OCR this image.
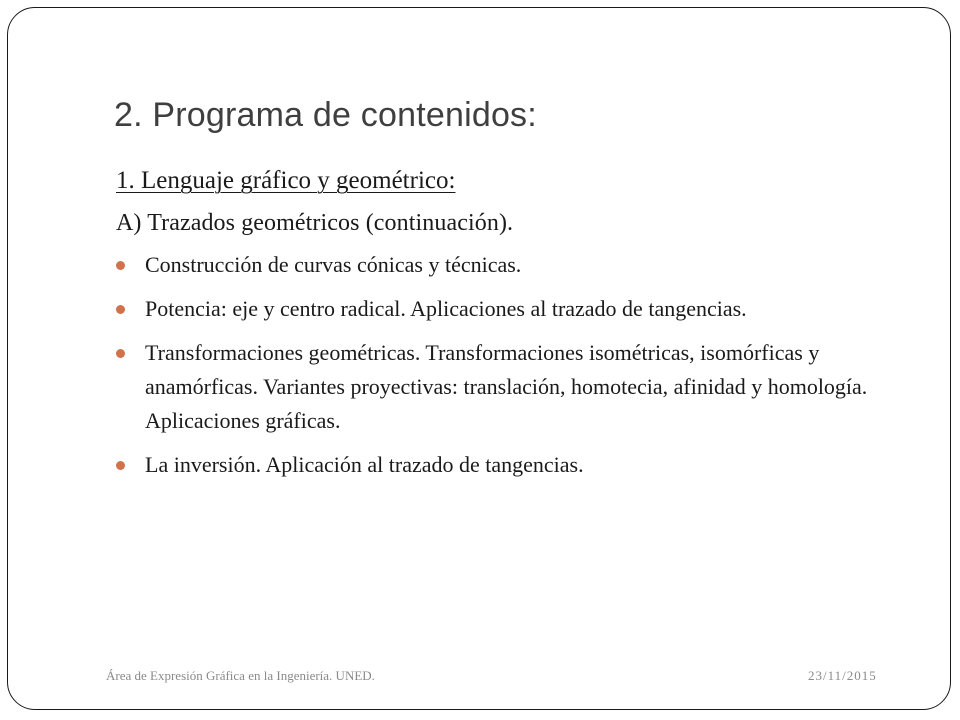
2. Programa de contenidos:
1. Lenguaje gráfico y geométrico:
A) Trazados geométricos (continuación).
Construcción de curvas cónicas y técnicas.
Potencia: eje y centro radical. Aplicaciones al trazado de tangencias.
Transformaciones geométricas. Transformaciones isométricas, isomórficas y anamórficas. Variantes proyectivas: translación, homotecia, afinidad y homología. Aplicaciones gráficas.
La inversión. Aplicación al trazado de tangencias.
Área de Expresión Gráfica en la Ingeniería. UNED.	23/11/2015
